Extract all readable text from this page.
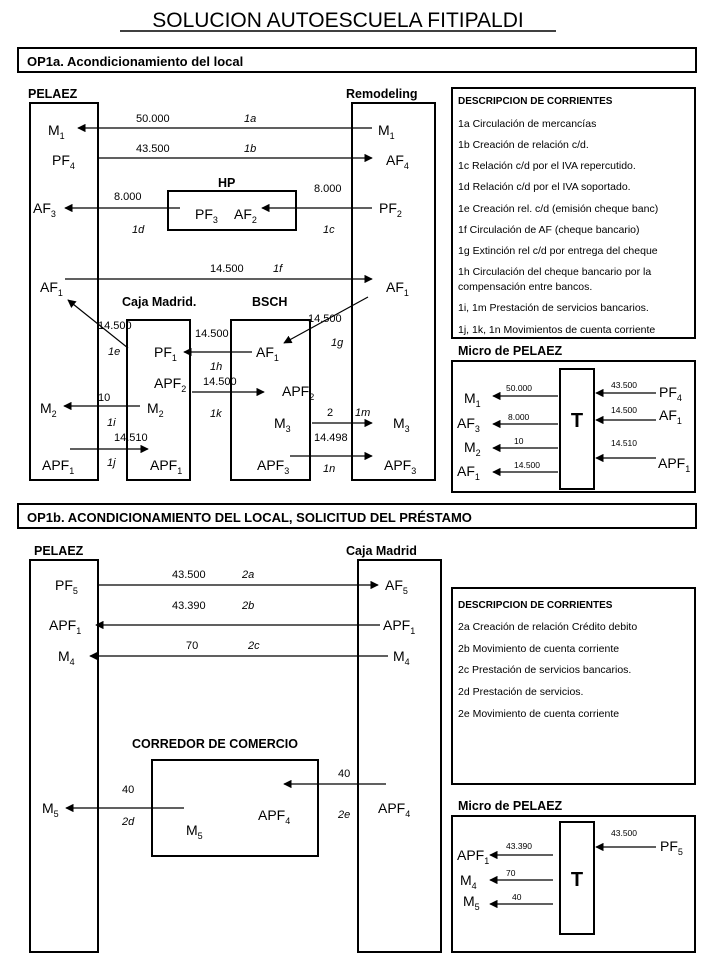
SOLUCION AUTOESCUELA FITIPALDI
OP1a. Acondicionamiento del local
PELAEZ	Remodeling
HP
Caja Madrid.	BSCH
$M_1$
$PF_4$
$AF_3$
$AF_1$
$M_2$
$APF_1$
$M_1$
$AF_4$
$PF_2$
$AF_1$
$M_3$
$APF_3$
$PF_3$ $AF_2$
$PF_1$
$APF_2$
$M_2$
$APF_1$
$AF_1$
$APF_2$
$M_3$
$APF_3$
50.000	1a
43.500	1b
8.000
1c
8.000
1d
14.500	1f
14.500
1e
14.500
1g
14.500
1h
14.500
1k
10
1i
14.510
1j
2 1m
14.498
1n
DESCRIPCION DE CORRIENTES
1a Circulación de mercancías
1b Creación de relación c/d.
1c Relación c/d por el IVA repercutido.
1d Relación c/d por el IVA soportado.
1e Creación rel. c/d (emisión cheque banc)
1f Circulación de AF (cheque bancario)
1g Extinción rel c/d por entrega del cheque
1h Circulación del cheque bancario por la
compensación entre bancos.
1i, 1m Prestación de servicios bancarios.
1j, 1k, 1n Movimientos de cuenta corriente
Micro de PELAEZ
T
50.000
8.000
10
14.500
43.500
14.500
14.510
$M_1$
$AF_3$
$M_2$
$AF_1$
$PF_4$
$AF_1$
$APF_1$
OP1b. ACONDICIONAMIENTO DEL LOCAL, SOLICITUD DEL PRÉSTAMO
PELAEZ	Caja Madrid
CORREDOR DE COMERCIO
$PF_5$
$APF_1$
$M_4$
$M_5$
$AF_5$
$APF_1$
$M_4$
$APF_4$
$M_5$
$APF_4$
43.500	2a
43.390	2b
70	2c
40
2e
40
2d
DESCRIPCION DE CORRIENTES
2a Creación de relación Crédito debito
2b Movimiento de cuenta corriente
2c Prestación de servicios bancarios.
2d Prestación de servicios.
2e Movimiento de cuenta corriente
Micro de PELAEZ
T
43.390
70
40
43.500
$APF_1$
$M_4$
$M_5$
$PF_5$
